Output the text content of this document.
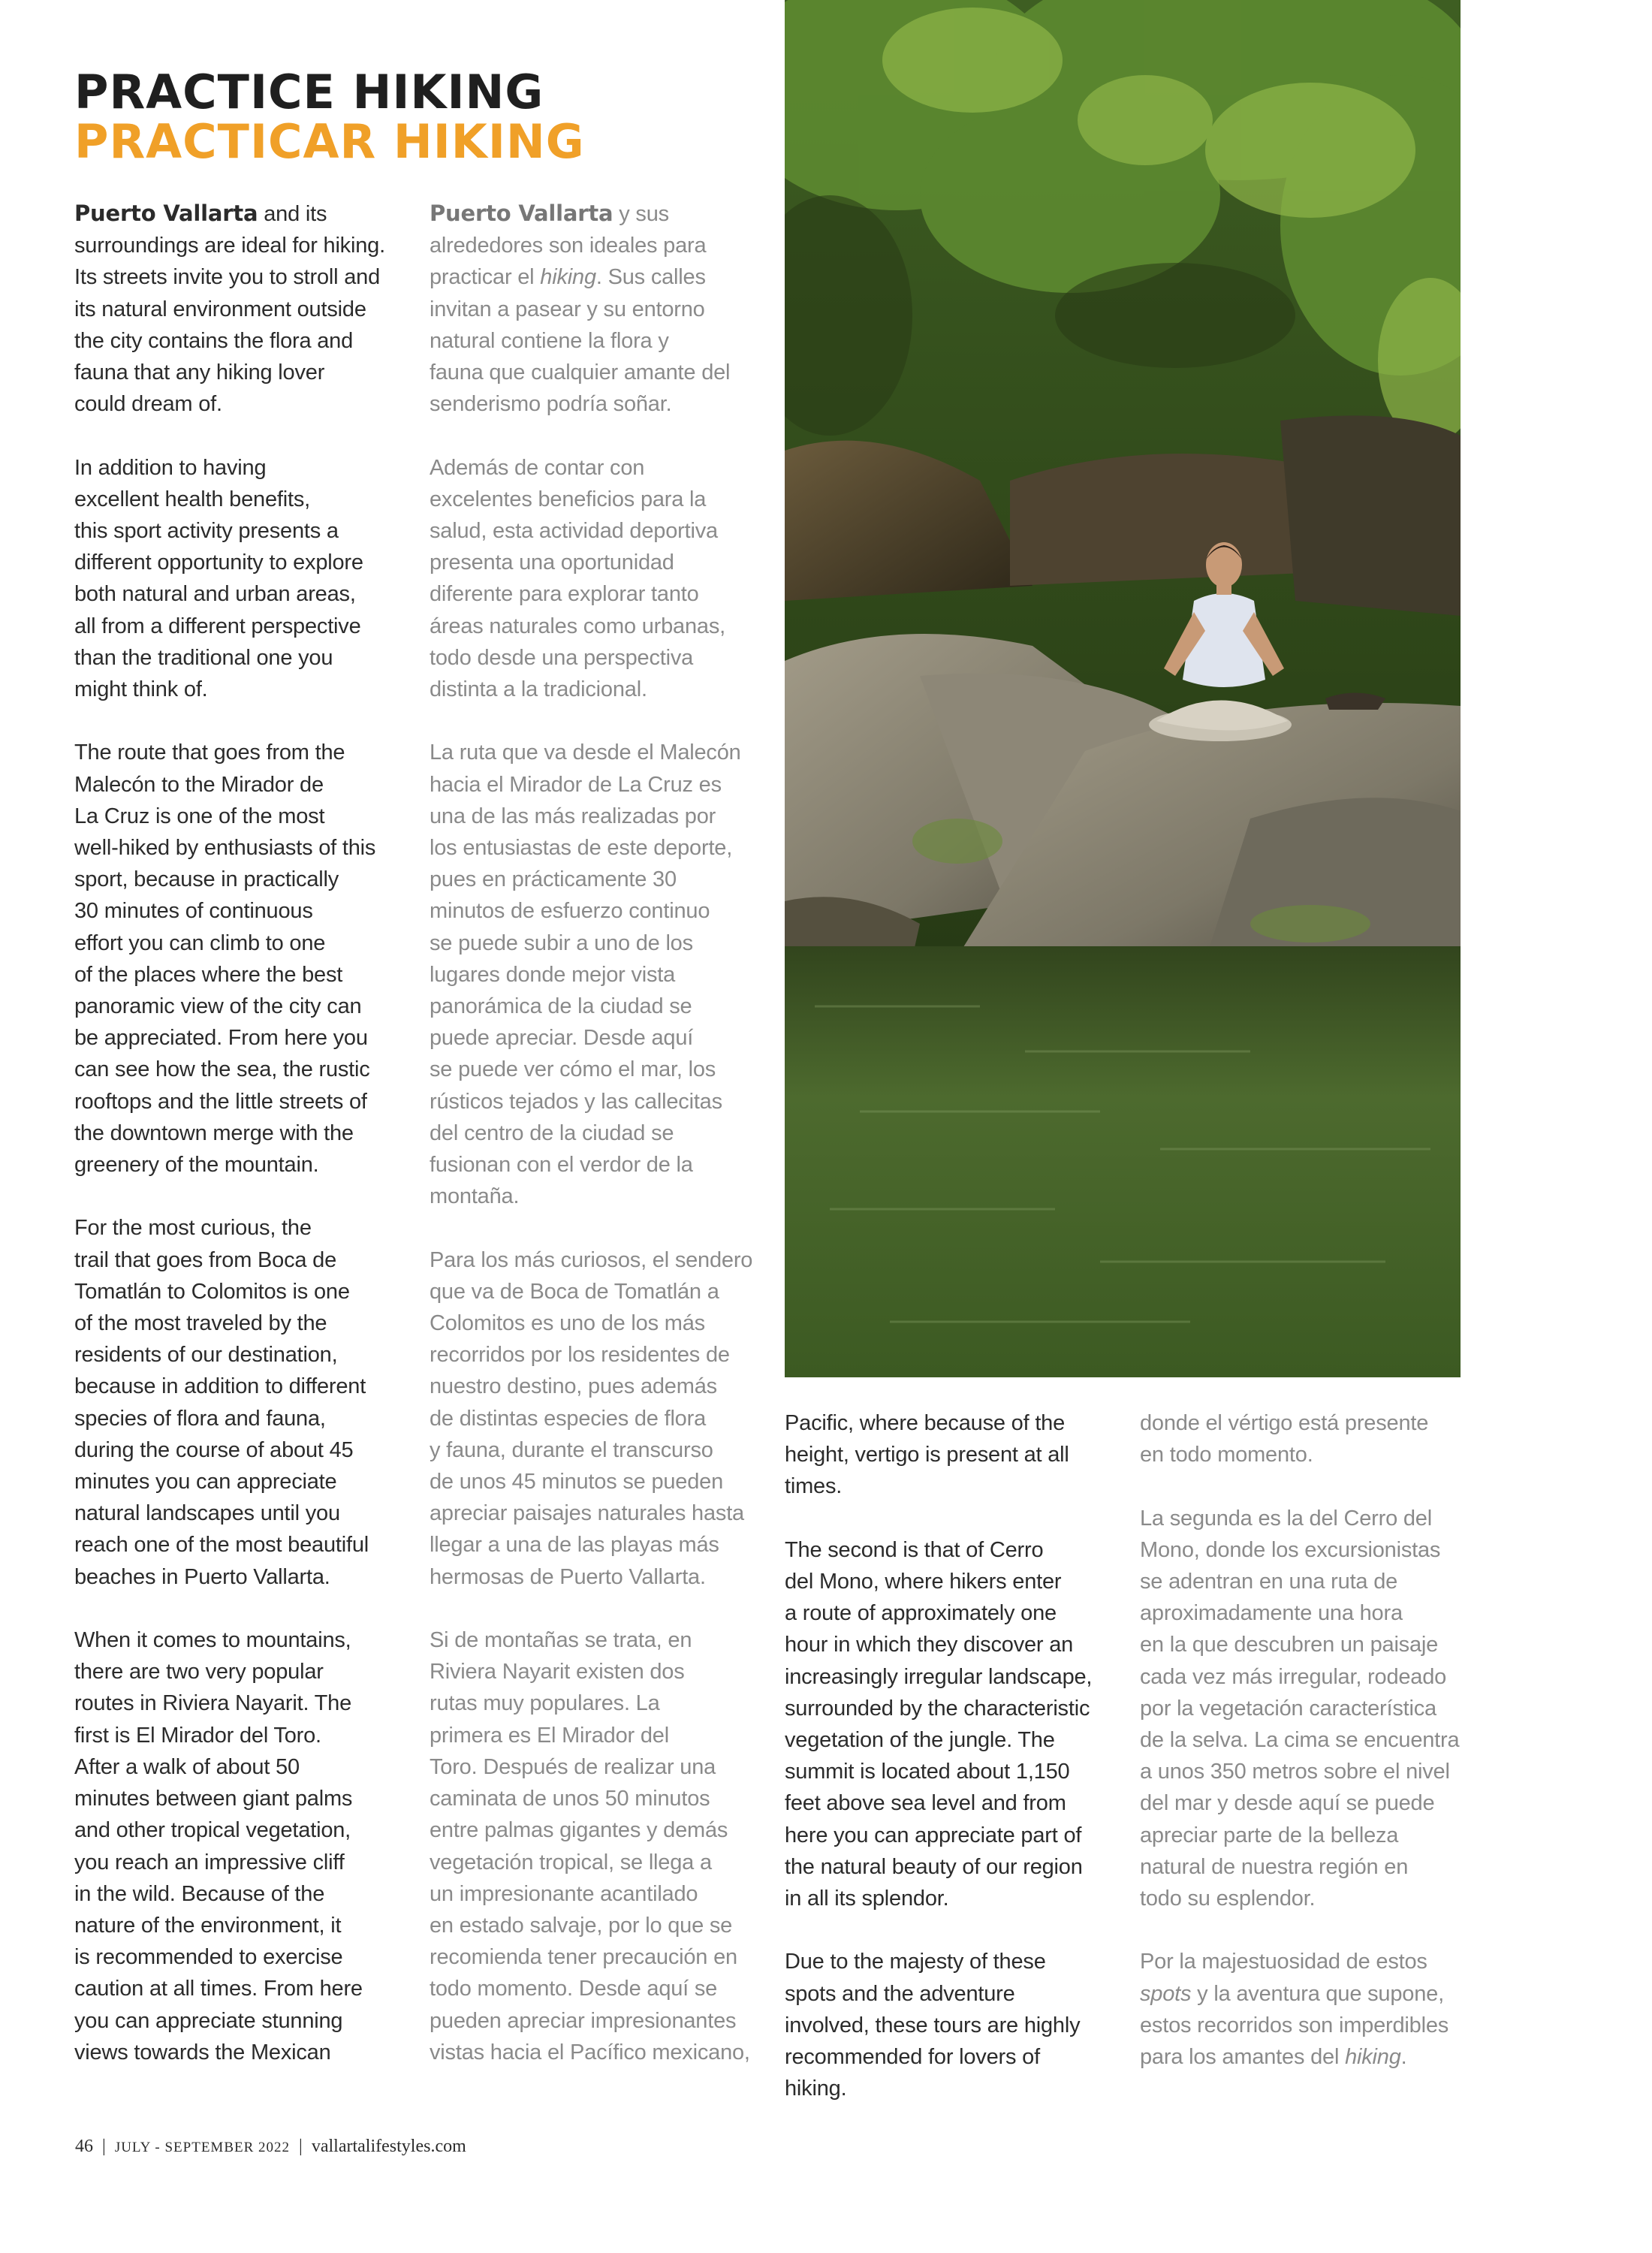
PRACTICE HIKING
PRACTICAR HIKING

Puerto Vallarta and its
surroundings are ideal for hiking.
Its streets invite you to stroll and
its natural environment outside
the city contains the flora and
fauna that any hiking lover
could dream of.

In addition to having
excellent health benefits,
this sport activity presents a
different opportunity to explore
both natural and urban areas,
all from a different perspective
than the traditional one you
might think of.

The route that goes from the
Malecón to the Mirador de
La Cruz is one of the most
well-hiked by enthusiasts of this
sport, because in practically
30 minutes of continuous
effort you can climb to one
of the places where the best
panoramic view of the city can
be appreciated. From here you
can see how the sea, the rustic
rooftops and the little streets of
the downtown merge with the
greenery of the mountain.

For the most curious, the
trail that goes from Boca de
Tomatlán to Colomitos is one
of the most traveled by the
residents of our destination,
because in addition to different
species of flora and fauna,
during the course of about 45
minutes you can appreciate
natural landscapes until you
reach one of the most beautiful
beaches in Puerto Vallarta.

When it comes to mountains,
there are two very popular
routes in Riviera Nayarit. The
first is El Mirador del Toro.
After a walk of about 50
minutes between giant palms
and other tropical vegetation,
you reach an impressive cliff
in the wild. Because of the
nature of the environment, it
is recommended to exercise
caution at all times. From here
you can appreciate stunning
views towards the Mexican

Puerto Vallarta y sus
alrededores son ideales para
practicar el hiking. Sus calles
invitan a pasear y su entorno
natural contiene la flora y
fauna que cualquier amante del
senderismo podría soñar.

Además de contar con
excelentes beneficios para la
salud, esta actividad deportiva
presenta una oportunidad
diferente para explorar tanto
áreas naturales como urbanas,
todo desde una perspectiva
distinta a la tradicional.

La ruta que va desde el Malecón
hacia el Mirador de La Cruz es
una de las más realizadas por
los entusiastas de este deporte,
pues en prácticamente 30
minutos de esfuerzo continuo
se puede subir a uno de los
lugares donde mejor vista
panorámica de la ciudad se
puede apreciar. Desde aquí
se puede ver cómo el mar, los
rústicos tejados y las callecitas
del centro de la ciudad se
fusionan con el verdor de la
montaña.

Para los más curiosos, el sendero
que va de Boca de Tomatlán a
Colomitos es uno de los más
recorridos por los residentes de
nuestro destino, pues además
de distintas especies de flora
y fauna, durante el transcurso
de unos 45 minutos se pueden
apreciar paisajes naturales hasta
llegar a una de las playas más
hermosas de Puerto Vallarta.

Si de montañas se trata, en
Riviera Nayarit existen dos
rutas muy populares. La
primera es El Mirador del
Toro. Después de realizar una
caminata de unos 50 minutos
entre palmas gigantes y demás
vegetación tropical, se llega a
un impresionante acantilado
en estado salvaje, por lo que se
recomienda tener precaución en
todo momento. Desde aquí se
pueden apreciar impresionantes
vistas hacia el Pacífico mexicano,

Pacific, where because of the
height, vertigo is present at all
times.

The second is that of Cerro
del Mono, where hikers enter
a route of approximately one
hour in which they discover an
increasingly irregular landscape,
surrounded by the characteristic
vegetation of the jungle. The
summit is located about 1,150
feet above sea level and from
here you can appreciate part of
the natural beauty of our region
in all its splendor.

Due to the majesty of these
spots and the adventure
involved, these tours are highly
recommended for lovers of
hiking.

donde el vértigo está presente
en todo momento.

La segunda es la del Cerro del
Mono, donde los excursionistas
se adentran en una ruta de
aproximadamente una hora
en la que descubren un paisaje
cada vez más irregular, rodeado
por la vegetación característica
de la selva. La cima se encuentra
a unos 350 metros sobre el nivel
del mar y desde aquí se puede
apreciar parte de la belleza
natural de nuestra región en
todo su esplendor.

Por la majestuosidad de estos
spots y la aventura que supone,
estos recorridos son imperdibles
para los amantes del hiking.

46 | JULY - SEPTEMBER 2022 | vallartalifestyles.com
